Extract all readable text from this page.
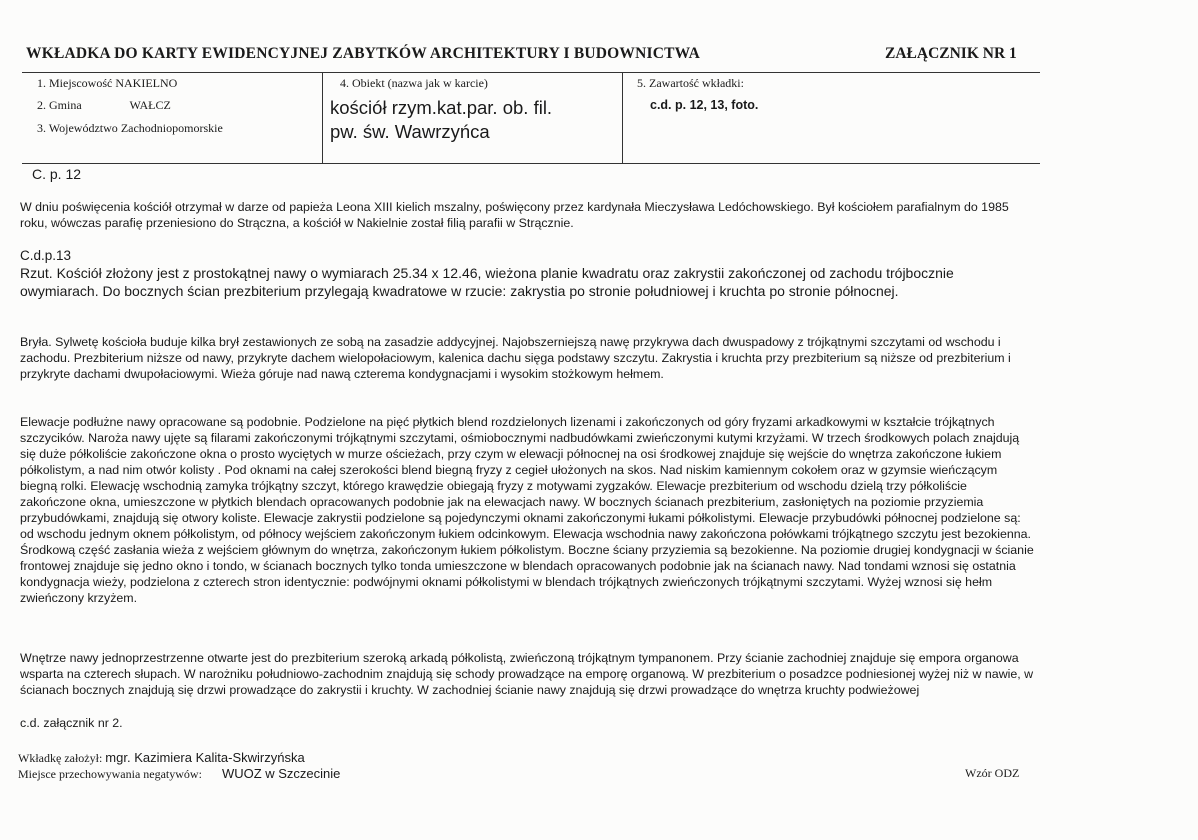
WKŁADKA DO KARTY EWIDENCYJNEJ ZABYTKÓW ARCHITEKTURY I BUDOWNICTWA	ZAŁĄCZNIK NR 1
1. Miejscowość NAKIELNO
2. Gmina	WAŁCZ
3. Województwo Zachodniopomorskie
4. Obiekt (nazwa jak w karcie)
kościół rzym.kat.par. ob. fil.
pw. św. Wawrzyńca
5. Zawartość wkładki:
c.d. p. 12, 13, foto.
C. p. 12
W dniu poświęcenia kościół otrzymał w darze od papieża Leona XIII kielich mszalny, poświęcony przez kardynała Mieczysława Ledóchowskiego. Był kościołem parafialnym do 1985 roku, wówczas parafię przeniesiono do Strączna, a kościół w Nakielnie został filią parafii w Strącznie.
C.d.p.13
Rzut. Kościół złożony jest z prostokątnej nawy o wymiarach 25.34 x 12.46, wieżona planie kwadratu oraz zakrystii zakończonej od zachodu trójbocznie owymiarach. Do bocznych ścian prezbiterium przylegają kwadratowe w rzucie: zakrystia po stronie południowej i kruchta po stronie północnej.
Bryła. Sylwetę kościoła buduje kilka brył zestawionych ze sobą na zasadzie addycyjnej. Najobszerniejszą nawę przykrywa dach dwuspadowy z trójkątnymi szczytami od wschodu i zachodu. Prezbiterium niższe od nawy, przykryte dachem wielopołaciowym, kalenica dachu sięga podstawy szczytu. Zakrystia i kruchta przy prezbiterium są niższe od prezbiterium i przykryte dachami dwupołaciowymi. Wieża góruje nad nawą czterema kondygnacjami i wysokim stożkowym hełmem.
Elewacje podłużne nawy opracowane są podobnie. Podzielone na pięć płytkich blend rozdzielonych lizenami i zakończonych od góry fryzami arkadkowymi w kształcie trójkątnych szczycików. Naroża nawy ujęte są filarami zakończonymi trójkątnymi szczytami, ośmiobocznymi nadbudówkami zwieńczonymi kutymi krzyżami. W trzech środkowych polach znajdują się duże półkoliście zakończone okna o prosto wyciętych w murze ościeżach, przy czym w elewacji północnej na osi środkowej znajduje się wejście do wnętrza zakończone łukiem półkolistym, a nad nim otwór kolisty . Pod oknami na całej szerokości blend biegną fryzy z cegieł ułożonych na skos. Nad niskim kamiennym cokołem oraz w gzymsie wieńczącym biegną rolki. Elewację wschodnią zamyka trójkątny szczyt, którego krawędzie obiegają fryzy z motywami zygzaków. Elewacje prezbiterium od wschodu dzielą trzy półkoliście zakończone okna, umieszczone w płytkich blendach opracowanych podobnie jak na elewacjach nawy. W bocznych ścianach prezbiterium, zasłoniętych na poziomie przyziemia przybudówkami, znajdują się otwory koliste. Elewacje zakrystii podzielone są pojedynczymi oknami zakończonymi łukami półkolistymi. Elewacje przybudówki północnej podzielone są: od wschodu jednym oknem półkolistym, od północy wejściem zakończonym łukiem odcinkowym. Elewacja wschodnia nawy zakończona połówkami trójkątnego szczytu jest bezokienna. Środkową część zasłania wieża z wejściem głównym do wnętrza, zakończonym łukiem półkolistym. Boczne ściany przyziemia są bezokienne. Na poziomie drugiej kondygnacji w ścianie frontowej znajduje się jedno okno i tondo, w ścianach bocznych tylko tonda umieszczone w blendach opracowanych podobnie jak na ścianach nawy. Nad tondami wznosi się ostatnia kondygnacja wieży, podzielona z czterech stron identycznie: podwójnymi oknami półkolistymi w blendach trójkątnych zwieńczonych trójkątnymi szczytami. Wyżej wznosi się hełm zwieńczony krzyżem.
Wnętrze nawy jednoprzestrzenne otwarte jest do prezbiterium szeroką arkadą półkolistą, zwieńczoną trójkątnym tympanonem. Przy ścianie zachodniej znajduje się empora organowa wsparta na czterech słupach. W narożniku południowo-zachodnim znajdują się schody prowadzące na emporę organową. W prezbiterium o posadzce podniesionej wyżej niż w nawie, w ścianach bocznych znajdują się drzwi prowadzące do zakrystii i kruchty. W zachodniej ścianie nawy znajdują się drzwi prowadzące do wnętrza kruchty podwieżowej
c.d. załącznik nr 2.
Wkładkę założył: mgr. Kazimiera Kalita-Skwirzyńska
Miejsce przechowywania negatywów: WUOZ w Szczecinie	Wzór ODZ
